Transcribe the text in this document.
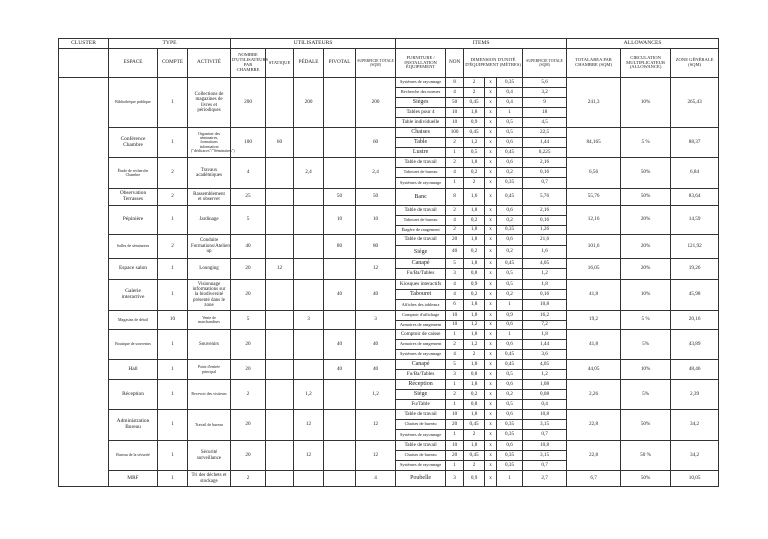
CLUSTER	TYPE			UTILISATEURS					ITEMS						ALLOWANCES		
	ESPACE	COMPTE	ACTIVITÉ	NOMBRE D'UTILISATEURS PAR CHAMBRE	STATIQUE	PÉDALE	PIVOTAL	SUPERFICIE TOTALE (SQM)	FURNITURE / INSTALLATION ÉQUIPEMENT	NON	DIMENSION D'UNITÉ D'ÉQUIPEMENT (MÈTRES)			SUPERFICIE TOTALE (SQM)	TOTALAREA PAR CHAMBRE (SQM)	CIRCULATION MULTIPLICATEUR (ALLOWANCE)	ZONE GÉNÉRALE (SQM)
	Bibliothèque publique	1	Collections de magazines de livres et périodiques	200		200		200	Systèmes de rayonnage	8	2	x	0,35	5,6	241,3	10%	265,43
									Recherche des normes	4	2	x	0,4	3,2			
									Sièges	50	0,45	x	0,4	9			
									Tables pour 4	10	1,8	x	1	18			
									Table individuelle	10	0,9	x	0,5	4,5			
	Conférence Chambre	1	Organiser des séminaires, formations information ("dédicaces"/"Séminaires")	100	60			60	Chaises	100	0,45	x	0,5	22,5	84,165	5 %	88,37
									Table	2	1,2	x	0,6	1,44			
									Lustre	1	0,5	x	0,45	0,225			
	Étude de recherche Chambre	2	Travaux académiques	4		2,4		2,4	Table de travail	2	1,8	x	0,6	2,16	6,56	50%	6,84
									Tabouret de bureau	4	0,2	x	0,2	0,16			
									Systèmes de rayonnage	1	2	x	0,35	0,7			
	Observation Terrasses	2	Rassemblement et observer	25			50	50	Banc	8	1,6	x	0,45	5,76	55,76	50%	83,64
	Pépinière	1	Jardinage	5			10	10	Table de travail	2	1,8	x	0,6	2,16	12,16	20%	14,59
									Tabouret de bureau	4	0,2	x	0,2	0,16			
									Étagère de rangement	2	1,8	x	0,35	1,26			
	Salles de séminaires	2	Conduite Formations/Ateliers up	40			80	80	Table de travail	20	1,8	x	0,6	21,6	101,6	20%	121,92
									Siège	40	0,2	x	0,2	1,6			
	Espace salon	1	Lounging	20	12			12	Canapé	5	1,8	x	0,45	4,05	16,05	20%	19,26
									Fu/Ba/Tables	3	0,8	x	0,5	1,2			
	Galerie interactive	1	Visionnage informations sur la biodiversité présenté dans le zone	20			40	40	Kiosques interactifs	4	0,9	x	0,5	1,8	41,8	10%	45,98
									Tabouret	4	0,2	x	0,2	0,16			
									Affiches des tableaux	6	1,8	x	1	10,8			
	Magasins de détail	10	Vente de marchandises	5		3		3	Comptoir d'affichage	10	1,8	x	0,9	16,2	19,2	5 %	20,16
									Armoires de rangement	10	1,2	x	0,6	7,2			
	Boutique de souvenirs	1	Souvenirs	20			40	40	Comptoir de caisse	1	1,8	x	1	1,8	41,8	5%	43,89
									Armoires de rangement	2	1,2	x	0,6	1,44			
									Systèmes de rayonnage	4	2	x	0,45	3,6			
	Hall	1	Point d'entrée principal	20			40	40	Canapé	5	1,8	x	0,45	4,05	44,05	10%	48,46
									Fu/Ba/Tables	3	0,8	x	0,5	1,2			
	Réception	1	Recevoir des visiteurs	2		1,2		1,2	Réception	1	1,8	x	0,6	1,08	2,26	5%	2,39
									Siège	2	0,2	x	0,2	0,08			
									Fu/Table	1	0,8	x	0,5	0,4			
	Administration Bureau	1	Travail de bureau	20		12		12	Table de travail	10	1,8	x	0,6	10,8	22,8	50%	34,2
									Chaises de bureau	20	0,45	x	0,35	3,15			
									Systèmes de rayonnage	1	2	x	0,35	0,7			
	Bureau de la sécurité	1	Sécurité surveillance	20		12		12	Table de travail	10	1,8	x	0,6	10,8	22,8	50 %	34,2
									Chaises de bureau	20	0,45	x	0,35	3,15			
									Systèmes de rayonnage	1	2	x	0,35	0,7			
	MRF	1	Tri des déchets et stockage	2				4	Poubelle	3	0,9	x	1	2,7	6,7	50%	10,05
